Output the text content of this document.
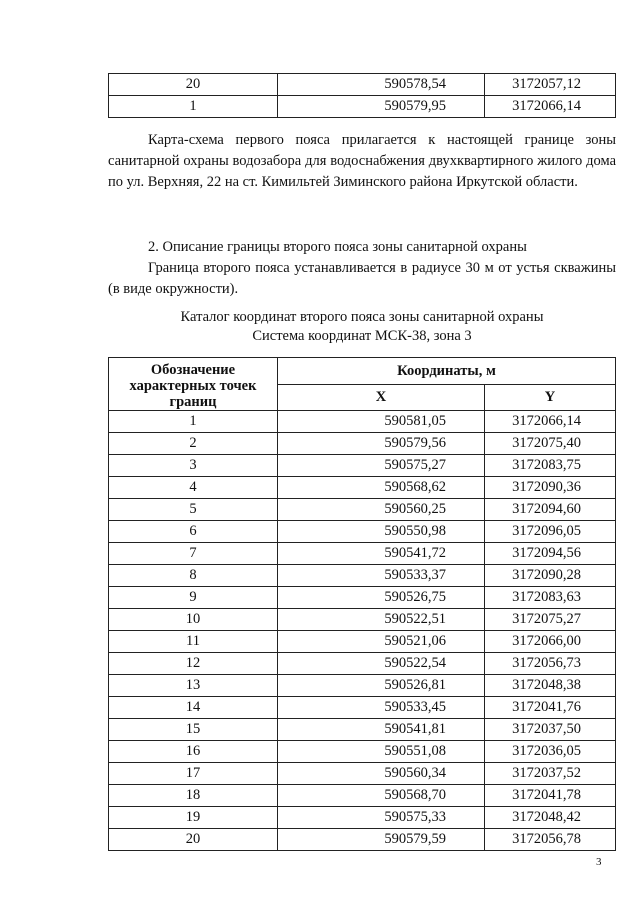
20	590578,54	3172057,12
1	590579,95	3172066,14

Карта-схема первого пояса прилагается к настоящей границе зоны санитарной охраны водозабора для водоснабжения двухквартирного жилого дома по ул. Верхняя, 22 на ст. Кимильтей Зиминского района Иркутской области.

2. Описание границы второго пояса зоны санитарной охраны

Граница второго пояса устанавливается в радиусе 30 м от устья скважины (в виде окружности).

Каталог координат второго пояса зоны санитарной охраны

Система координат МСК-38, зона 3

Обозначение характерных точек границ	Координаты, м	
	X	Y
1	590581,05	3172066,14
2	590579,56	3172075,40
3	590575,27	3172083,75
4	590568,62	3172090,36
5	590560,25	3172094,60
6	590550,98	3172096,05
7	590541,72	3172094,56
8	590533,37	3172090,28
9	590526,75	3172083,63
10	590522,51	3172075,27
11	590521,06	3172066,00
12	590522,54	3172056,73
13	590526,81	3172048,38
14	590533,45	3172041,76
15	590541,81	3172037,50
16	590551,08	3172036,05
17	590560,34	3172037,52
18	590568,70	3172041,78
19	590575,33	3172048,42
20	590579,59	3172056,78
3
